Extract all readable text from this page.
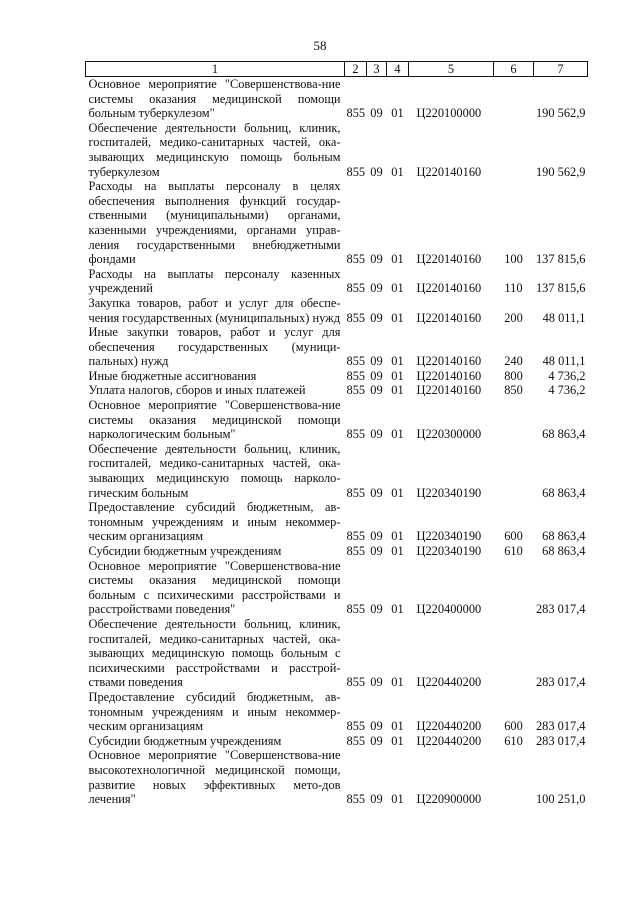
58
1	2	3	4	5	6	7
Основное мероприятие "Совершенствова-ние системы оказания медицинской помощи больным туберкулезом"	855	09	01	Ц220100000		190 562,9
Обеспечение деятельности больниц, клиник, госпиталей, медико-санитарных частей, ока-зывающих медицинскую помощь больным туберкулезом	855	09	01	Ц220140160		190 562,9
Расходы на выплаты персоналу в целях обеспечения выполнения функций государ-ственными (муниципальными) органами, казенными учреждениями, органами управ-ления государственными внебюджетными фондами	855	09	01	Ц220140160	100	137 815,6
Расходы на выплаты персоналу казенных учреждений	855	09	01	Ц220140160	110	137 815,6
Закупка товаров, работ и услуг для обеспе-чения государственных (муниципальных) нужд	855	09	01	Ц220140160	200	48 011,1
Иные закупки товаров, работ и услуг для обеспечения государственных (муници-пальных) нужд	855	09	01	Ц220140160	240	48 011,1
Иные бюджетные ассигнования	855	09	01	Ц220140160	800	4 736,2
Уплата налогов, сборов и иных платежей	855	09	01	Ц220140160	850	4 736,2
Основное мероприятие "Совершенствова-ние системы оказания медицинской помощи наркологическим больным"	855	09	01	Ц220300000		68 863,4
Обеспечение деятельности больниц, клиник, госпиталей, медико-санитарных частей, ока-зывающих медицинскую помощь нарколо-гическим больным	855	09	01	Ц220340190		68 863,4
Предоставление субсидий бюджетным, ав-тономным учреждениям и иным некоммер-ческим организациям	855	09	01	Ц220340190	600	68 863,4
Субсидии бюджетным учреждениям	855	09	01	Ц220340190	610	68 863,4
Основное мероприятие "Совершенствова-ние системы оказания медицинской помощи больным с психическими расстройствами и расстройствами поведения"	855	09	01	Ц220400000		283 017,4
Обеспечение деятельности больниц, клиник, госпиталей, медико-санитарных частей, ока-зывающих медицинскую помощь больным с психическими расстройствами и расстрой-ствами поведения	855	09	01	Ц220440200		283 017,4
Предоставление субсидий бюджетным, ав-тономным учреждениям и иным некоммер-ческим организациям	855	09	01	Ц220440200	600	283 017,4
Субсидии бюджетным учреждениям	855	09	01	Ц220440200	610	283 017,4
Основное мероприятие "Совершенствова-ние высокотехнологичной медицинской помощи, развитие новых эффективных мето-дов лечения"	855	09	01	Ц220900000		100 251,0
